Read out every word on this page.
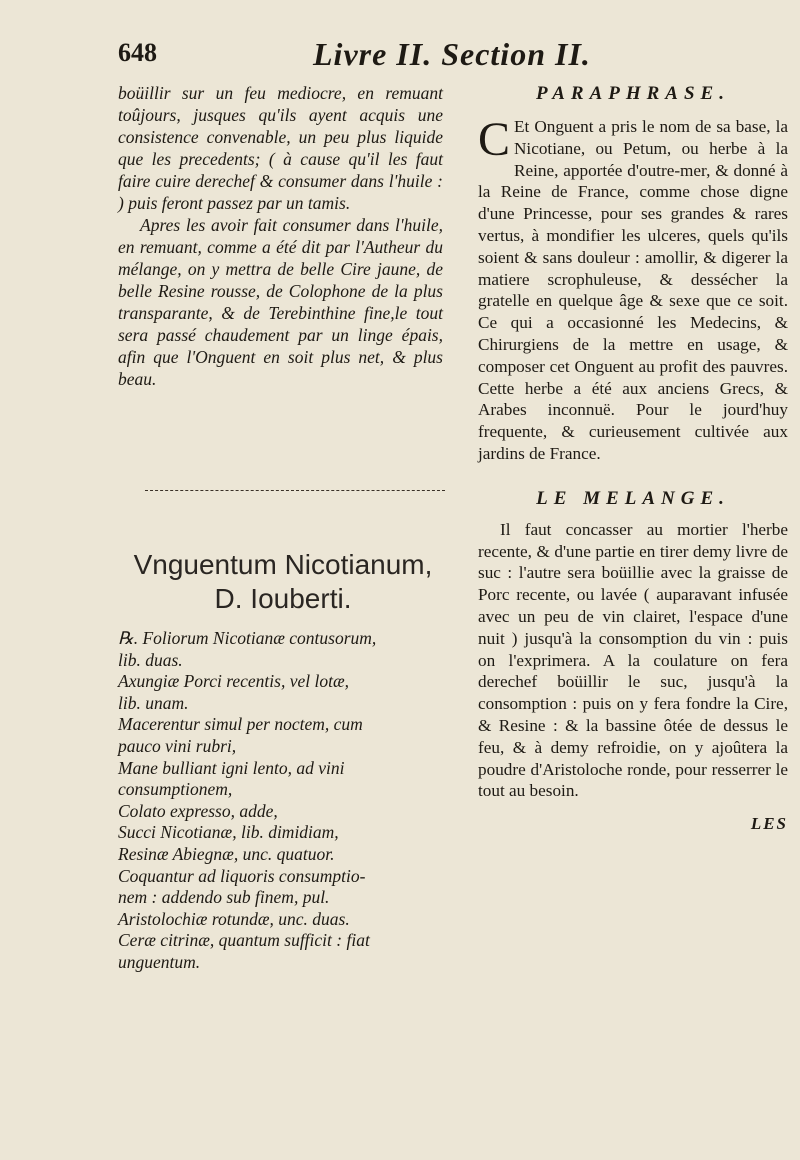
648	Livre II. Section II.

boüillir sur un feu mediocre, en remuant toûjours, jusques qu'ils ayent acquis une consistence convenable, un peu plus liquide que les precedents; ( à cause qu'il les faut faire cuire derechef & consumer dans l'huile : ) puis feront passez par un tamis.

Apres les avoir fait consumer dans l'huile, en remuant, comme a été dit par l'Autheur du mélange, on y mettra de belle Cire jaune, de belle Resine rousse, de Colophone de la plus transparante, & de Terebinthine fine,le tout sera passé chaudement par un linge épais, afin que l'Onguent en soit plus net, & plus beau.

Vnguentum Nicotianum,
D. Iouberti.
℞. Foliorum Nicotianæ contusorum,
lib. duas.
Axungiæ Porci recentis, vel lotæ,
lib. unam.
Macerentur simul per noctem, cum
pauco vini rubri,
Mane bulliant igni lento, ad vini
consumptionem,
Colato expresso, adde,
Succi Nicotianæ, lib. dimidiam,
Resinæ Abiegnæ, unc. quatuor.
Coquantur ad liquoris consumptio-
nem : addendo sub finem, pul.
Aristolochiæ rotundæ, unc. duas.
Ceræ citrinæ, quantum sufficit : fiat
unguentum.
PARAPHRASE.

C Et Onguent a pris le nom de sa base, la Nicotiane, ou Petum, ou herbe à la Reine, apportée d'outre-mer, & donné à la Reine de France, comme chose digne d'une Princesse, pour ses grandes & rares vertus, à mondifier les ulceres, quels qu'ils soient & sans douleur : amollir, & digerer la matiere scrophuleuse, & dessécher la gratelle en quelque âge & sexe que ce soit. Ce qui a occasionné les Medecins, & Chirurgiens de la mettre en usage, & composer cet Onguent au profit des pauvres. Cette herbe a été aux anciens Grecs, & Arabes inconnuë. Pour le jourd'huy frequente, & curieusement cultivée aux jardins de France.

LE MELANGE.

Il faut concasser au mortier l'herbe recente, & d'une partie en tirer demy livre de suc : l'autre sera boüillie avec la graisse de Porc recente, ou lavée ( auparavant infusée avec un peu de vin clairet, l'espace d'une nuit ) jusqu'à la consomption du vin : puis on l'exprimera. A la coulature on fera derechef boüillir le suc, jusqu'à la consomption : puis on y fera fondre la Cire, & Resine : & la bassine ôtée de dessus le feu, & à demy refroidie, on y ajoûtera la poudre d'Aristoloche ronde, pour resserrer le tout au besoin.

LES
